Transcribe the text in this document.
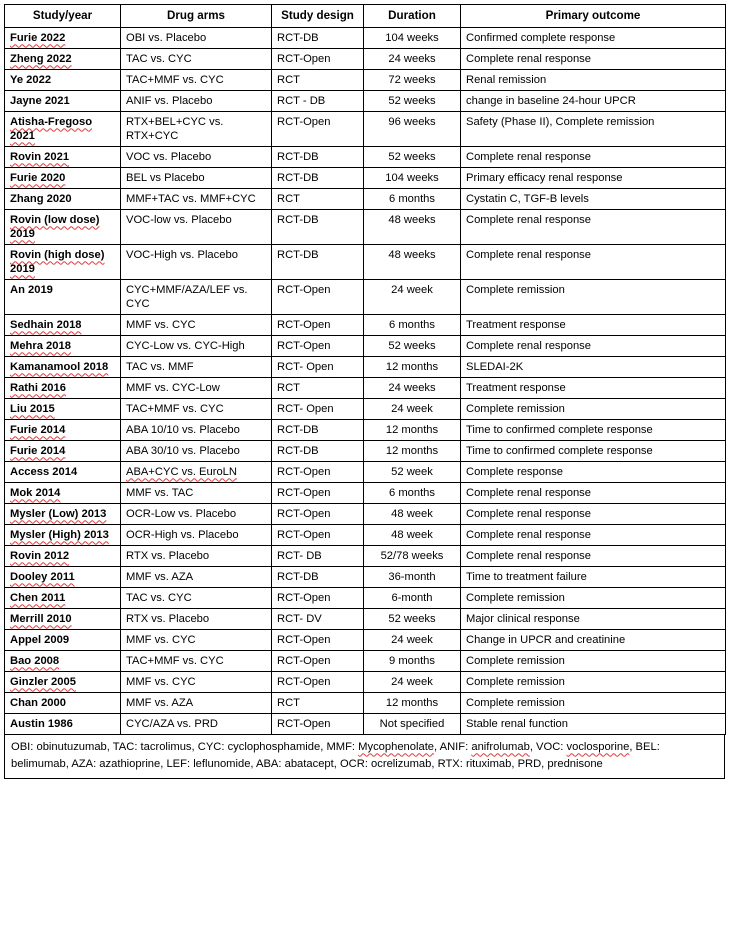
Study/year	Drug arms	Study design	Duration	Primary outcome
Furie 2022	OBI vs. Placebo	RCT-DB	104 weeks	Confirmed complete response
Zheng 2022	TAC vs. CYC	RCT-Open	24 weeks	Complete renal response
Ye 2022	TAC+MMF vs. CYC	RCT	72 weeks	Renal remission
Jayne 2021	ANIF vs. Placebo	RCT - DB	52 weeks	change in baseline 24-hour UPCR
Atisha-Fregoso 2021	RTX+BEL+CYC vs. RTX+CYC	RCT-Open	96 weeks	Safety (Phase II), Complete remission
Rovin 2021	VOC vs. Placebo	RCT-DB	52 weeks	Complete renal response
Furie 2020	BEL vs Placebo	RCT-DB	104 weeks	Primary efficacy renal response
Zhang 2020	MMF+TAC vs. MMF+CYC	RCT	6 months	Cystatin C, TGF-B levels
Rovin (low dose) 2019	VOC-low vs. Placebo	RCT-DB	48 weeks	Complete renal response
Rovin (high dose) 2019	VOC-High vs. Placebo	RCT-DB	48 weeks	Complete renal response
An 2019	CYC+MMF/AZA/LEF vs. CYC	RCT-Open	24 week	Complete remission
Sedhain 2018	MMF vs. CYC	RCT-Open	6 months	Treatment response
Mehra 2018	CYC-Low vs. CYC-High	RCT-Open	52 weeks	Complete renal response
Kamanamool 2018	TAC vs. MMF	RCT- Open	12 months	SLEDAI-2K
Rathi 2016	MMF vs. CYC-Low	RCT	24 weeks	Treatment response
Liu 2015	TAC+MMF vs. CYC	RCT- Open	24 week	Complete remission
Furie 2014	ABA 10/10 vs. Placebo	RCT-DB	12 months	Time to confirmed complete response
Furie 2014	ABA 30/10 vs. Placebo	RCT-DB	12 months	Time to confirmed complete response
Access 2014	ABA+CYC vs. EuroLN	RCT-Open	52 week	Complete response
Mok 2014	MMF vs. TAC	RCT-Open	6 months	Complete renal response
Mysler (Low) 2013	OCR-Low vs. Placebo	RCT-Open	48 week	Complete renal response
Mysler (High) 2013	OCR-High vs. Placebo	RCT-Open	48 week	Complete renal response
Rovin 2012	RTX vs. Placebo	RCT- DB	52/78 weeks	Complete renal response
Dooley 2011	MMF vs. AZA	RCT-DB	36-month	Time to treatment failure
Chen 2011	TAC vs. CYC	RCT-Open	6-month	Complete remission
Merrill 2010	RTX vs. Placebo	RCT- DV	52 weeks	Major clinical response
Appel 2009	MMF vs. CYC	RCT-Open	24 week	Change in UPCR and creatinine
Bao 2008	TAC+MMF vs. CYC	RCT-Open	9 months	Complete remission
Ginzler 2005	MMF vs. CYC	RCT-Open	24 week	Complete remission
Chan 2000	MMF vs. AZA	RCT	12 months	Complete remission
Austin 1986	CYC/AZA vs. PRD	RCT-Open	Not specified	Stable renal function
OBI: obinutuzumab, TAC: tacrolimus, CYC: cyclophosphamide, MMF: Mycophenolate, ANIF: anifrolumab, VOC: voclosporine, BEL: belimumab, AZA: azathioprine, LEF: leflunomide, ABA: abatacept, OCR: ocrelizumab, RTX: rituximab, PRD, prednisone
